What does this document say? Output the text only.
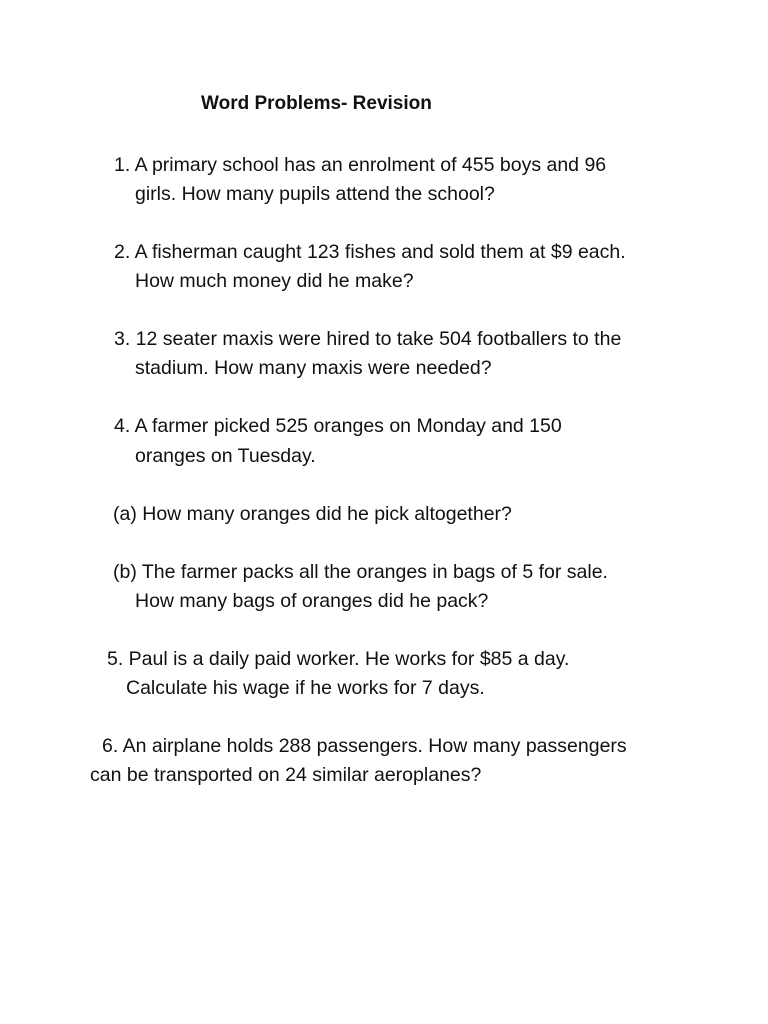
Word Problems- Revision
1. A primary school has an enrolment of 455 boys and 96
girls. How many pupils attend the school?
2. A fisherman caught 123 fishes and sold them at $9 each.
How much money did he make?
3. 12 seater maxis were hired to take 504 footballers to the
stadium. How many maxis were needed?
4. A farmer picked 525 oranges on Monday and 150
oranges on Tuesday.
(a) How many oranges did he pick altogether?
(b) The farmer packs all the oranges in bags of 5 for sale.
How many bags of oranges did he pack?
5. Paul is a daily paid worker. He works for $85 a day.
Calculate his wage if he works for 7 days.
6. An airplane holds 288 passengers. How many passengers
can be transported on 24 similar aeroplanes?
